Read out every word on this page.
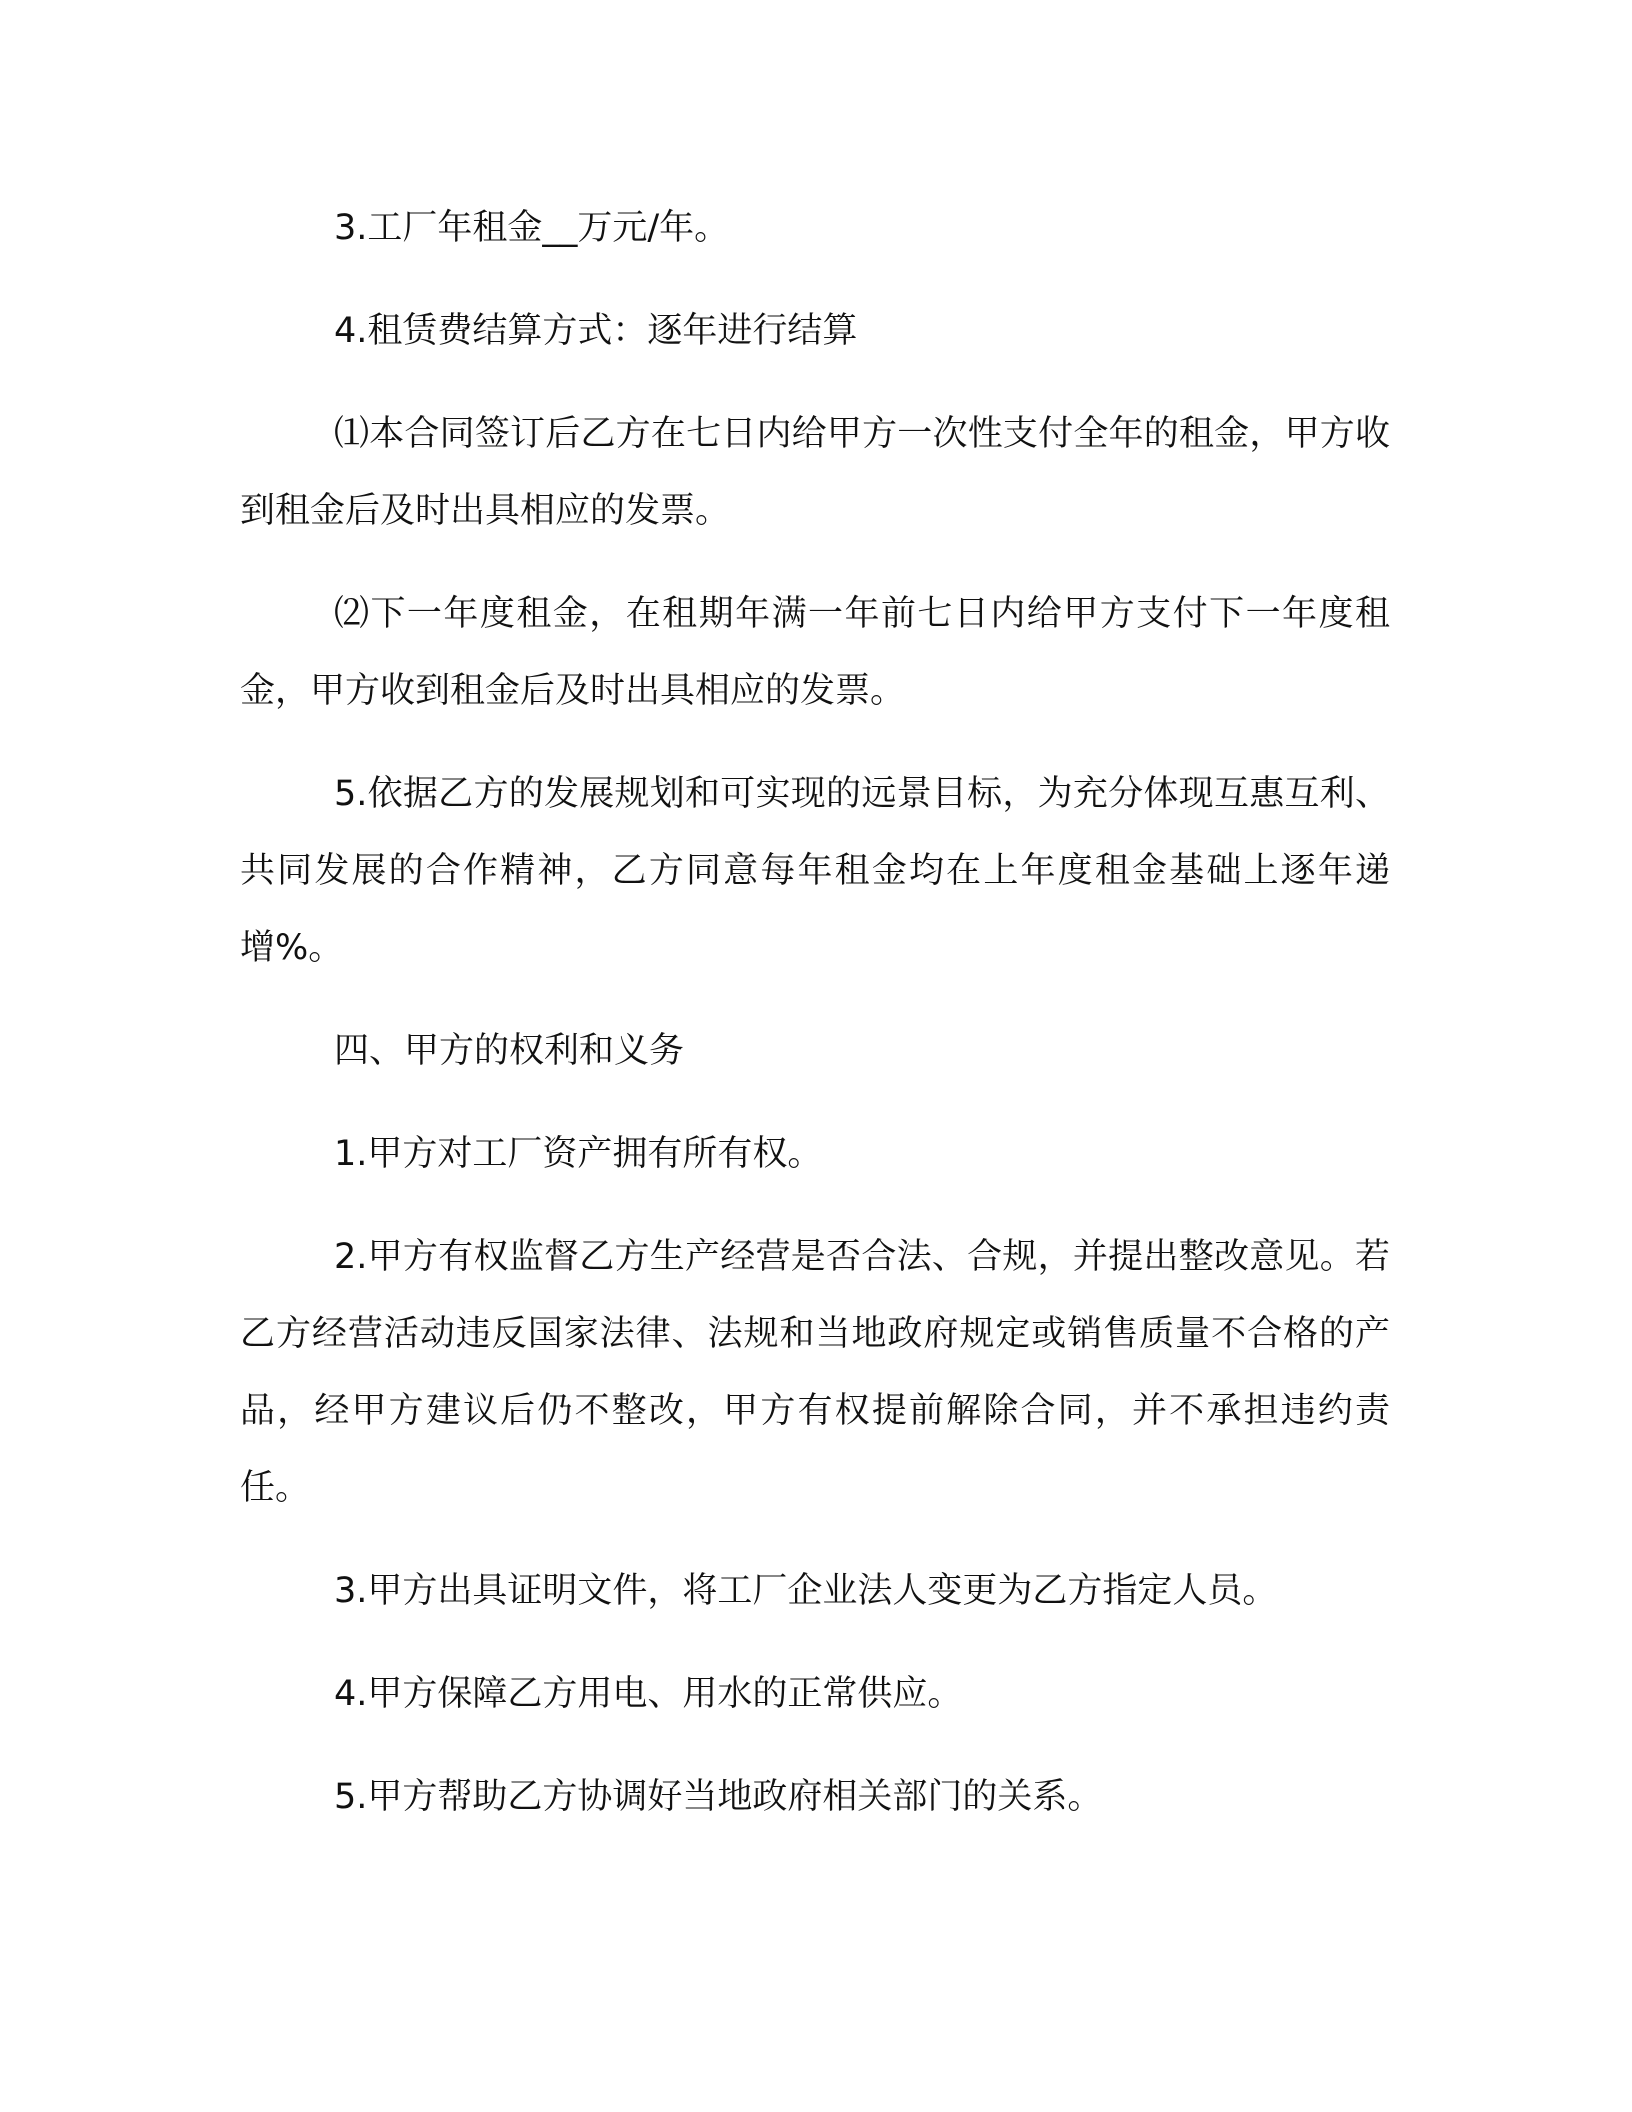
3.工厂年租金__万元/年。

4.租赁费结算方式：逐年进行结算

⑴本合同签订后乙方在七日内给甲方一次性支付全年的租金，甲方收到租金后及时出具相应的发票。

⑵下一年度租金，在租期年满一年前七日内给甲方支付下一年度租金，甲方收到租金后及时出具相应的发票。

5.依据乙方的发展规划和可实现的远景目标，为充分体现互惠互利、共同发展的合作精神，乙方同意每年租金均在上年度租金基础上逐年递增%。

四、甲方的权利和义务

1.甲方对工厂资产拥有所有权。

2.甲方有权监督乙方生产经营是否合法、合规，并提出整改意见。若乙方经营活动违反国家法律、法规和当地政府规定或销售质量不合格的产品，经甲方建议后仍不整改，甲方有权提前解除合同，并不承担违约责任。

3.甲方出具证明文件，将工厂企业法人变更为乙方指定人员。

4.甲方保障乙方用电、用水的正常供应。

5.甲方帮助乙方协调好当地政府相关部门的关系。
